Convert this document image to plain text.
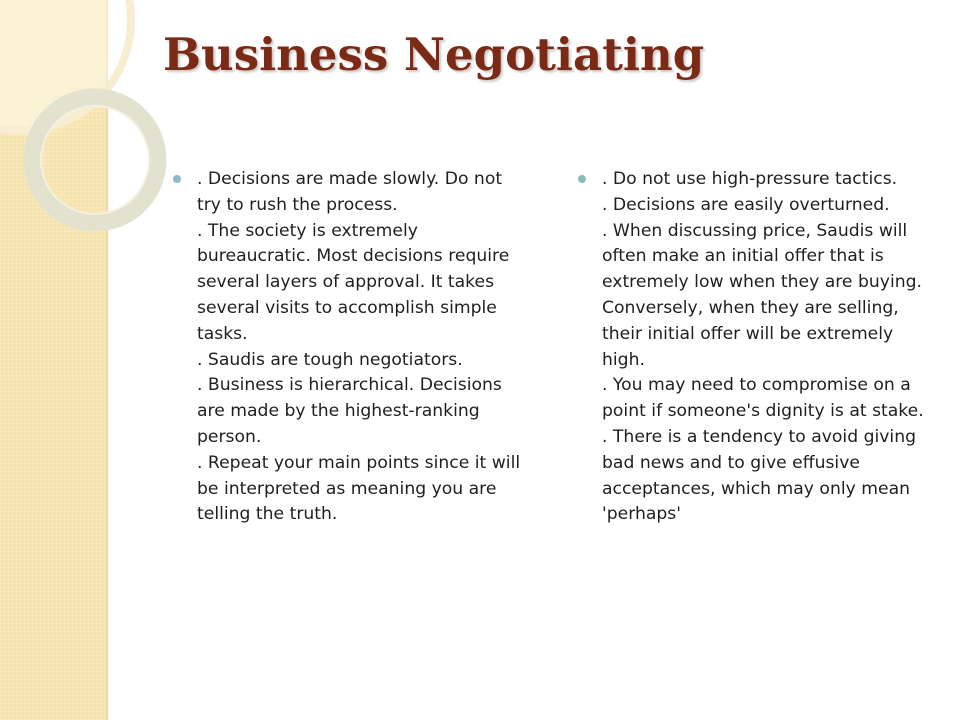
Business Negotiating
. Decisions are made slowly. Do not
try to rush the process.
. The society is extremely
bureaucratic. Most decisions require
several layers of approval. It takes
several visits to accomplish simple
tasks.
. Saudis are tough negotiators.
. Business is hierarchical. Decisions
are made by the highest-ranking
person.
. Repeat your main points since it will
be interpreted as meaning you are
telling the truth.
. Do not use high-pressure tactics.
. Decisions are easily overturned.
. When discussing price, Saudis will
often make an initial offer that is
extremely low when they are buying.
Conversely, when they are selling,
their initial offer will be extremely
high.
. You may need to compromise on a
point if someone's dignity is at stake.
. There is a tendency to avoid giving
bad news and to give effusive
acceptances, which may only mean
'perhaps'
